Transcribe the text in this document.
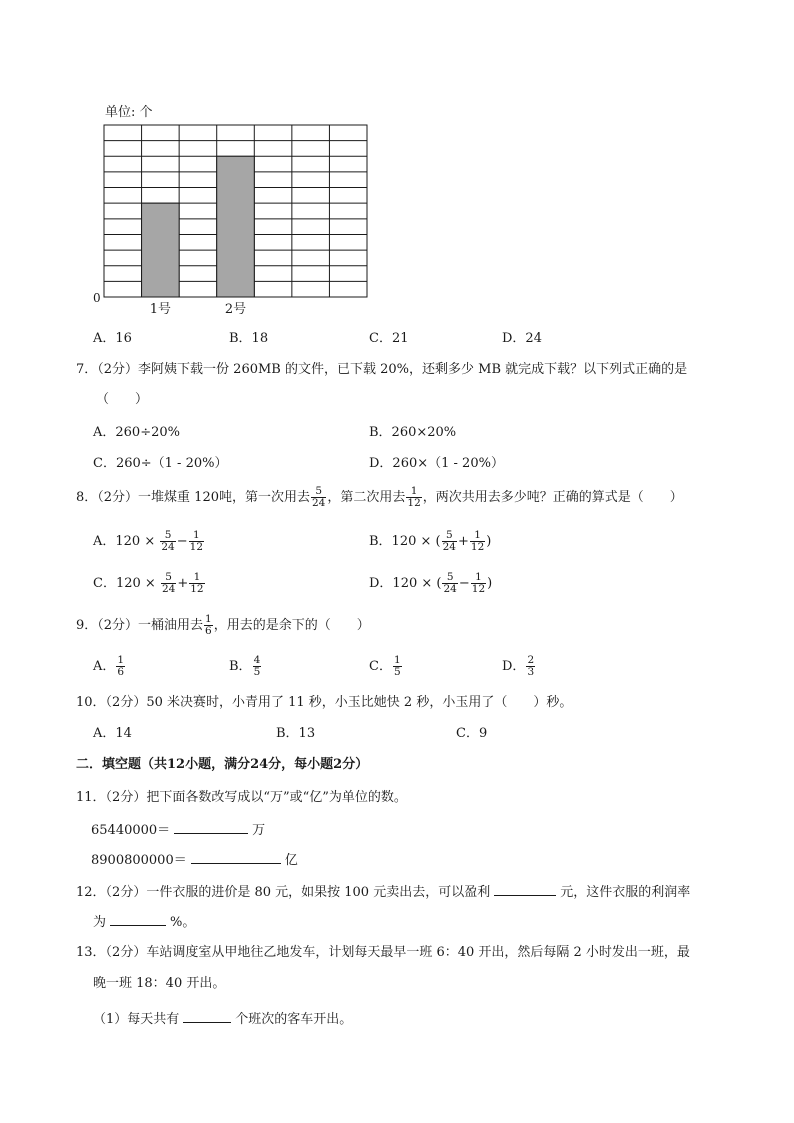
单位: 个
0
1号	2号
A．16	B．18	C．21	D．24
7．（2分）李阿姨下载一份 260MB 的文件，已下载 20%，还剩多少 MB 就完成下载？以下列式正确的是
（　　）
A．260÷20%	B．260×20%
C．260÷（1 - 20%）	D．260×（1 - 20%）
8．（2分）一堆煤重 120吨，第一次用去 $\frac{5}{24}$ ，第二次用去 $\frac{1}{12}$ ，两次共用去多少吨？正确的算式是（　　）
A．$120 \times \frac{5}{24} - \frac{1}{12}$	B．120 × ( $\frac{5}{24} + \frac{1}{12}$ )
C．$120 \times \frac{5}{24} + \frac{1}{12}$	D．120 × ( $\frac{5}{24} - \frac{1}{12}$ )
9．（2分）一桶油用去 $\frac{1}{6}$ ，用去的是余下的（　　）
A． $\frac{1}{6}$	B． $\frac{4}{5}$	C． $\frac{1}{5}$	D． $\frac{2}{3}$
10．（2分）50 米决赛时，小青用了 11 秒，小玉比她快 2 秒，小玉用了（　　）秒。
A．14	B．13	C．9
二．填空题（共12小题，满分24分，每小题2分）
11．（2分）把下面各数改写成以“万”或“亿”为单位的数。
65440000＝	万
8900800000＝	亿
12．（2分）一件衣服的进价是 80 元，如果按 100 元卖出去，可以盈利	元，这件衣服的利润率
为	%。
13．（2分）车站调度室从甲地往乙地发车，计划每天最早一班 6：40 开出，然后每隔 2 小时发出一班，最
晚一班 18：40 开出。
（1）每天共有	个班次的客车开出。
